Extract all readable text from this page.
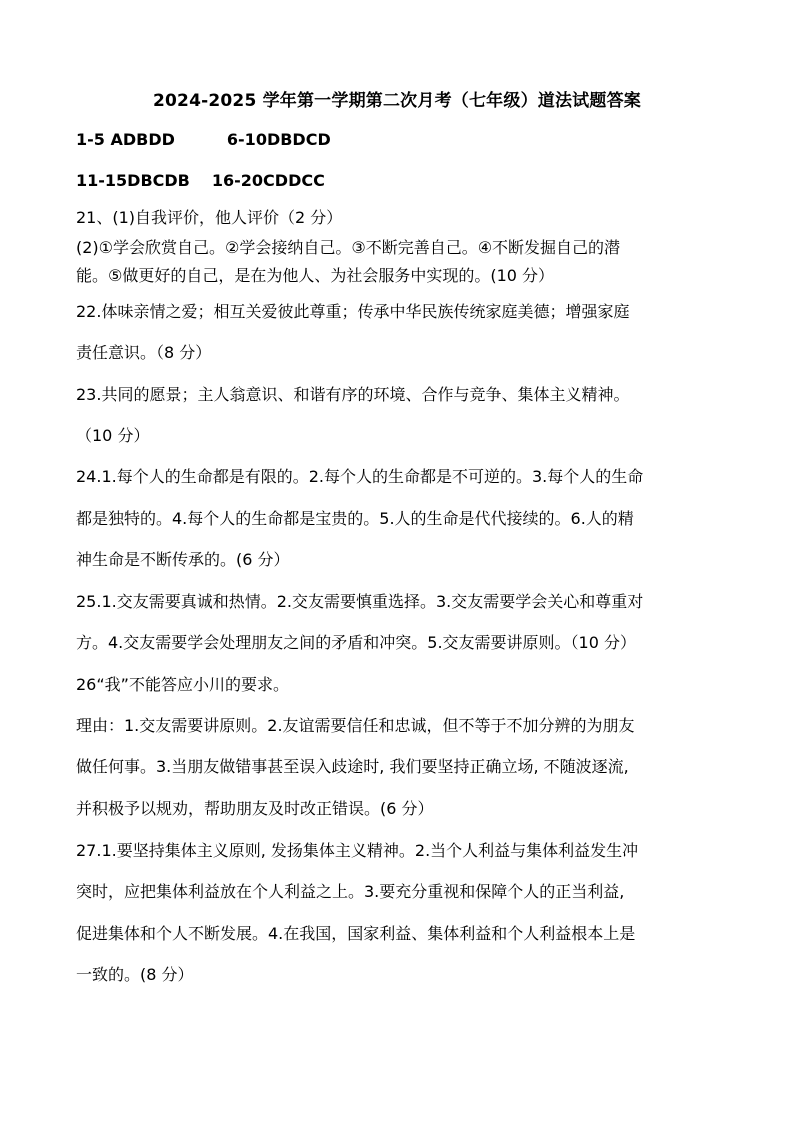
2024-2025 学年第一学期第二次月考（七年级）道法试题答案
1-5 ADBDD	6-10DBDCD
11-15DBCDB 16-20CDDCC
21、(1)自我评价，他人评价（2 分）
(2)①学会欣赏自己。②学会接纳自己。③不断完善自己。④不断发掘自己的潜
能。⑤做更好的自己，是在为他人、为社会服务中实现的。(10 分）
22.体味亲情之爱；相互关爱彼此尊重；传承中华民族传统家庭美德；增强家庭
责任意识。（8 分）
23.共同的愿景；主人翁意识、和谐有序的环境、合作与竞争、集体主义精神。
（10 分）
24.1.每个人的生命都是有限的。2.每个人的生命都是不可逆的。3.每个人的生命
都是独特的。4.每个人的生命都是宝贵的。5.人的生命是代代接续的。6.人的精
神生命是不断传承的。(6 分）
25.1.交友需要真诚和热情。2.交友需要慎重选择。3.交友需要学会关心和尊重对
方。4.交友需要学会处理朋友之间的矛盾和冲突。5.交友需要讲原则。（10 分）
26“我”不能答应小川的要求。
理由：1.交友需要讲原则。2.友谊需要信任和忠诚，但不等于不加分辨的为朋友
做任何事。3.当朋友做错事甚至误入歧途时, 我们要坚持正确立场, 不随波逐流,
并积极予以规劝，帮助朋友及时改正错误。(6 分）
27.1.要坚持集体主义原则, 发扬集体主义精神。2.当个人利益与集体利益发生冲
突时，应把集体利益放在个人利益之上。3.要充分重视和保障个人的正当利益,
促进集体和个人不断发展。4.在我国，国家利益、集体利益和个人利益根本上是
一致的。(8 分）
